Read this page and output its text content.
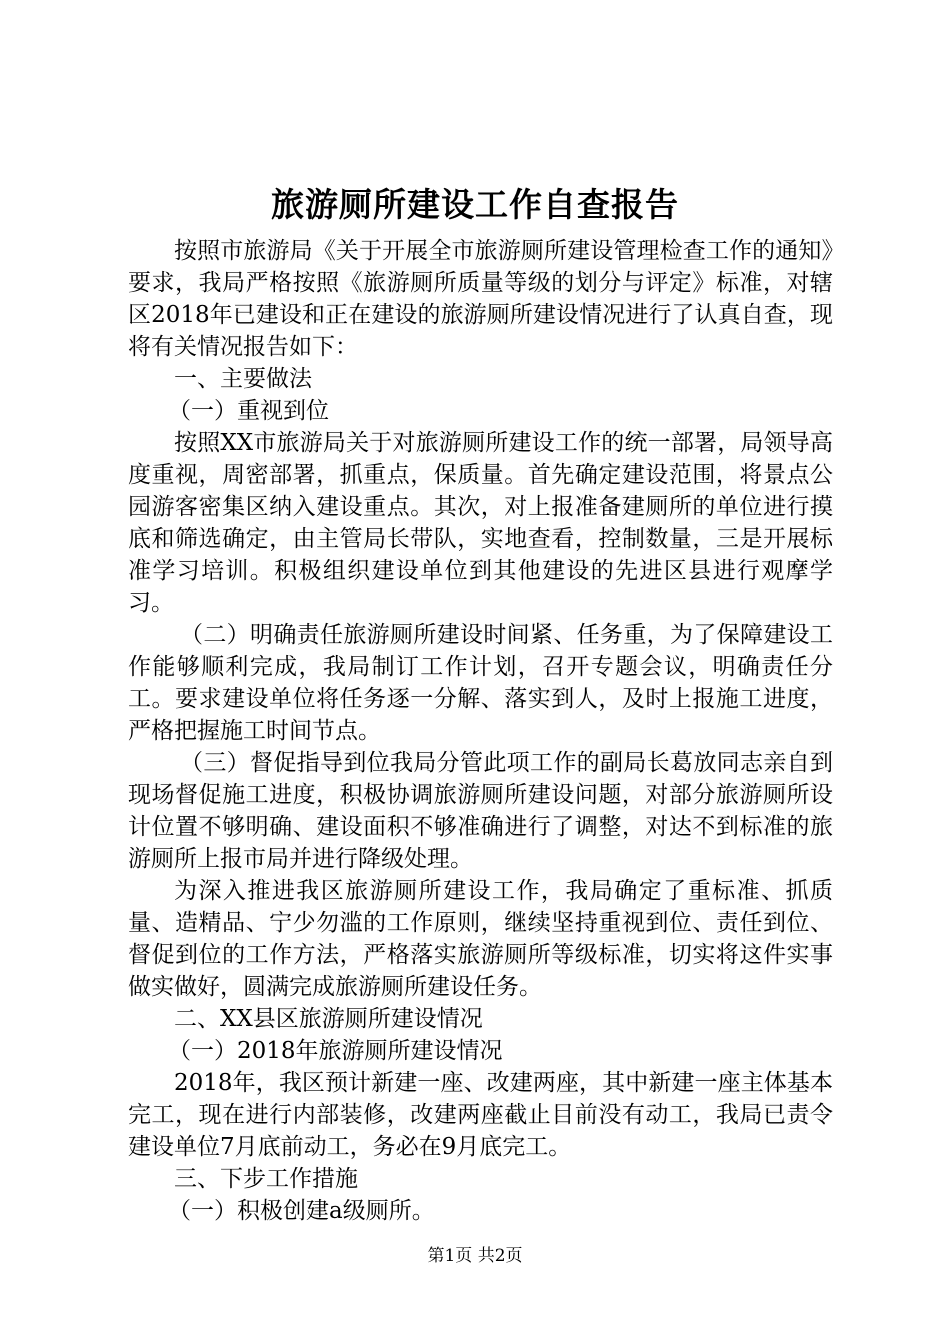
旅游厕所建设工作自查报告

按照市旅游局《关于开展全市旅游厕所建设管理检查工作的通知》要求，我局严格按照《旅游厕所质量等级的划分与评定》标准，对辖区2018年已建设和正在建设的旅游厕所建设情况进行了认真自查，现将有关情况报告如下：

一、主要做法

（一）重视到位

按照XX市旅游局关于对旅游厕所建设工作的统一部署，局领导高度重视，周密部署，抓重点，保质量。首先确定建设范围，将景点公园游客密集区纳入建设重点。其次，对上报准备建厕所的单位进行摸底和筛选确定，由主管局长带队，实地查看，控制数量，三是开展标准学习培训。积极组织建设单位到其他建设的先进区县进行观摩学习。

（二）明确责任旅游厕所建设时间紧、任务重，为了保障建设工作能够顺利完成，我局制订工作计划，召开专题会议，明确责任分工。要求建设单位将任务逐一分解、落实到人，及时上报施工进度，严格把握施工时间节点。

（三）督促指导到位我局分管此项工作的副局长葛放同志亲自到现场督促施工进度，积极协调旅游厕所建设问题，对部分旅游厕所设计位置不够明确、建设面积不够准确进行了调整，对达不到标准的旅游厕所上报市局并进行降级处理。

为深入推进我区旅游厕所建设工作，我局确定了重标准、抓质量、造精品、宁少勿滥的工作原则，继续坚持重视到位、责任到位、督促到位的工作方法，严格落实旅游厕所等级标准，切实将这件实事做实做好，圆满完成旅游厕所建设任务。

二、XX县区旅游厕所建设情况

（一）2018年旅游厕所建设情况

2018年，我区预计新建一座、改建两座，其中新建一座主体基本完工，现在进行内部装修，改建两座截止目前没有动工，我局已责令建设单位7月底前动工，务必在9月底完工。

三、下步工作措施

（一）积极创建a级厕所。

第1页 共2页
